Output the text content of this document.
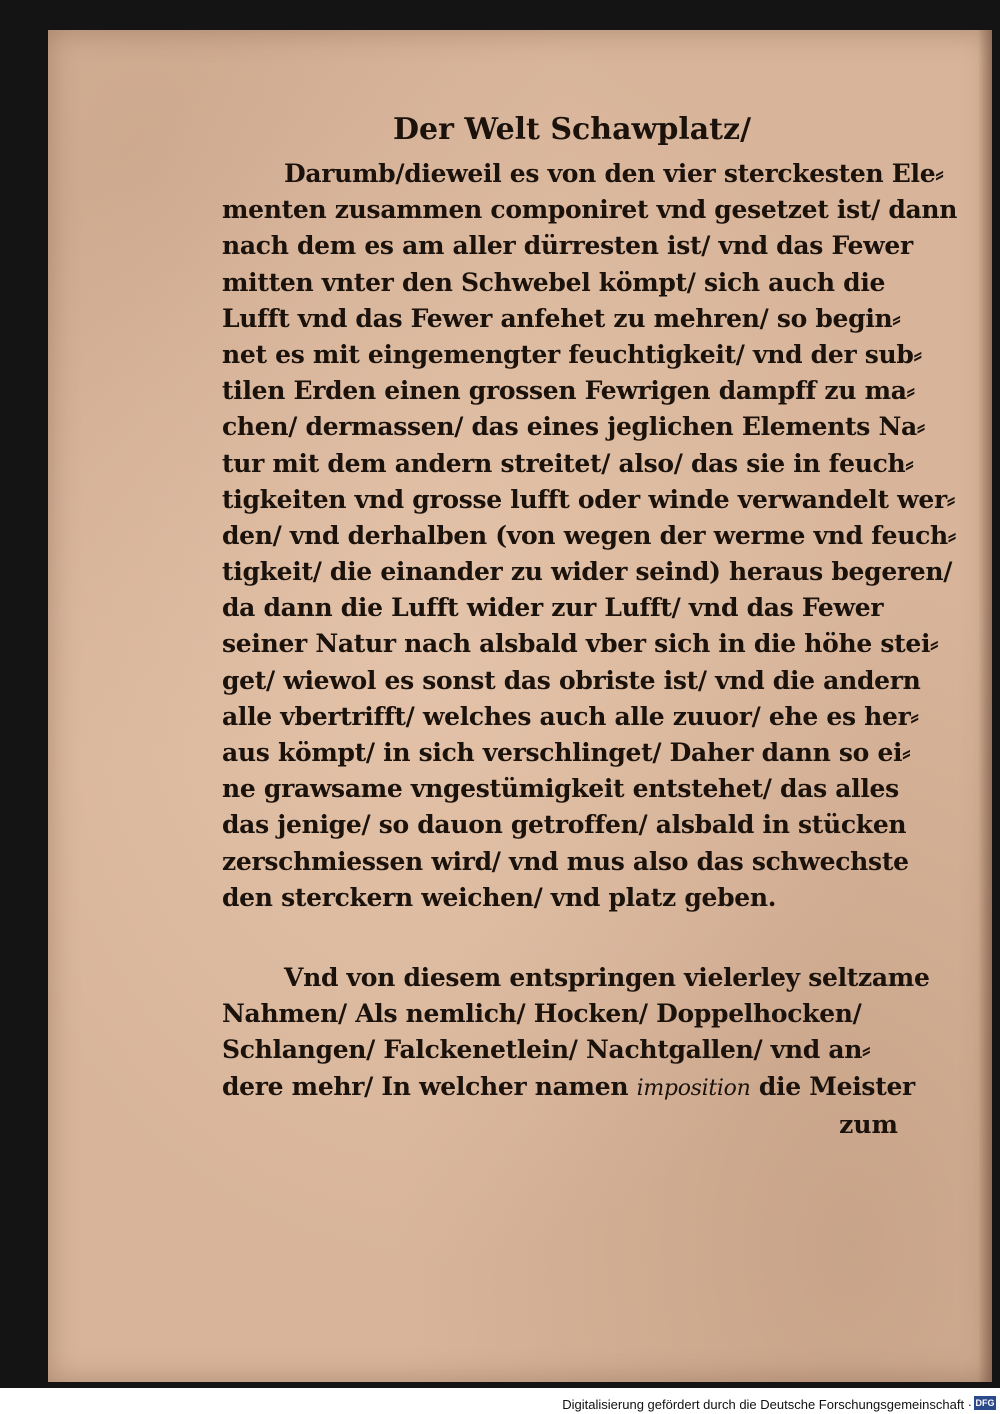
Der Welt Schawplatz/
Darumb/dieweil es von den vier sterckesten Ele⸗
menten zusammen componiret vnd gesetzet ist/ dann
nach dem es am aller dürresten ist/ vnd das Fewer
mitten vnter den Schwebel kömpt/ sich auch die
Lufft vnd das Fewer anfehet zu mehren/ so begin⸗
net es mit eingemengter feuchtigkeit/ vnd der sub⸗
tilen Erden einen grossen Fewrigen dampff zu ma⸗
chen/ dermassen/ das eines jeglichen Elements Na⸗
tur mit dem andern streitet/ also/ das sie in feuch⸗
tigkeiten vnd grosse lufft oder winde verwandelt wer⸗
den/ vnd derhalben (von wegen der werme vnd feuch⸗
tigkeit/ die einander zu wider seind) heraus begeren/
da dann die Lufft wider zur Lufft/ vnd das Fewer
seiner Natur nach alsbald vber sich in die höhe stei⸗
get/ wiewol es sonst das obriste ist/ vnd die andern
alle vbertrifft/ welches auch alle zuuor/ ehe es her⸗
aus kömpt/ in sich verschlinget/ Daher dann so ei⸗
ne grawsame vngestümigkeit entstehet/ das alles
das jenige/ so dauon getroffen/ alsbald in stücken
zerschmiessen wird/ vnd mus also das schwechste
den sterckern weichen/ vnd platz geben.
Vnd von diesem entspringen vielerley seltzame
Nahmen/ Als nemlich/ Hocken/ Doppelhocken/
Schlangen/ Falckenetlein/ Nachtgallen/ vnd an⸗
dere mehr/ In welcher namen imposition die Meister
zum
Digitalisierung gefördert durch die Deutsche Forschungsgemeinschaft · DFG
